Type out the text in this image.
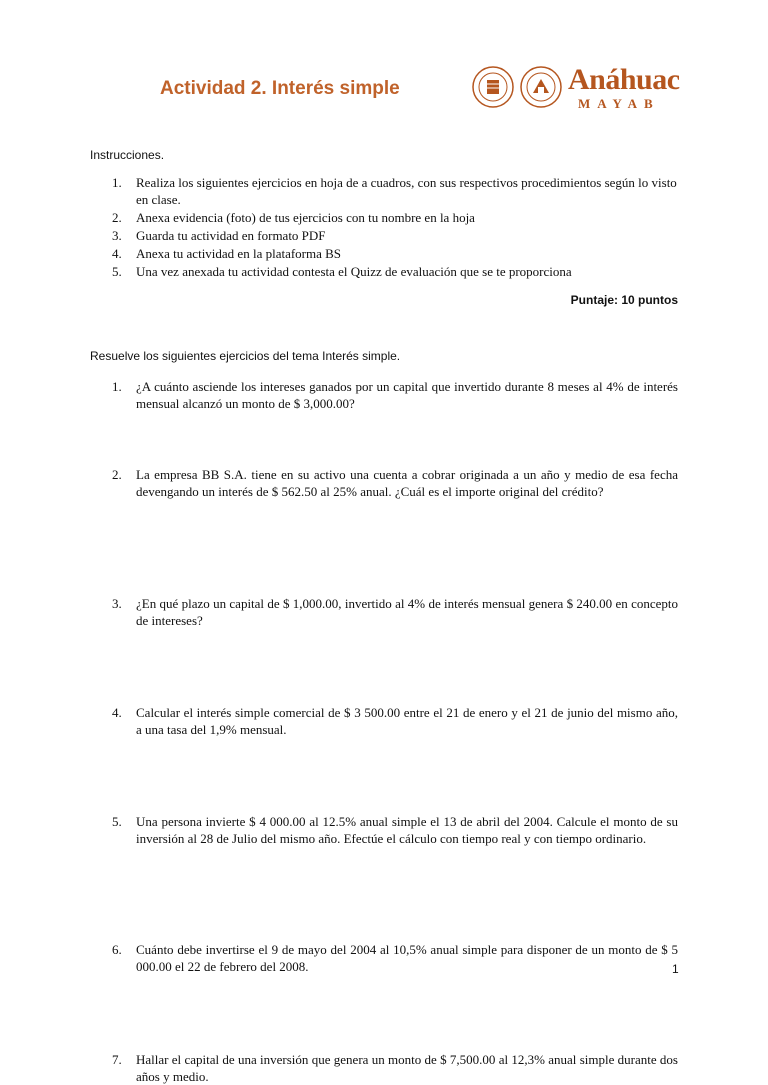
Actividad 2. Interés simple	Anáhuac
MAYAB

Instrucciones.

1. Realiza los siguientes ejercicios en hoja de a cuadros, con sus respectivos procedimientos según lo visto en clase.
2. Anexa evidencia (foto) de tus ejercicios con tu nombre en la hoja
3. Guarda tu actividad en formato PDF
4. Anexa tu actividad en la plataforma BS
5. Una vez anexada tu actividad contesta el Quizz de evaluación que se te proporciona

Puntaje: 10 puntos

Resuelve los siguientes ejercicios del tema Interés simple.

1. ¿A cuánto asciende los intereses ganados por un capital que invertido durante 8 meses al 4% de interés mensual alcanzó un monto de $ 3,000.00?
2. La empresa BB S.A. tiene en su activo una cuenta a cobrar originada a un año y medio de esa fecha devengando un interés de $ 562.50 al 25% anual. ¿Cuál es el importe original del crédito?
3. ¿En qué plazo un capital de $ 1,000.00, invertido al 4% de interés mensual genera $ 240.00 en concepto de intereses?
4. Calcular el interés simple comercial de $ 3 500.00 entre el 21 de enero y el 21 de junio del mismo año, a una tasa del 1,9% mensual.
5. Una persona invierte $ 4 000.00 al 12.5% anual simple el 13 de abril del 2004. Calcule el monto de su inversión al 28 de Julio del mismo año. Efectúe el cálculo con tiempo real y con tiempo ordinario.
6. Cuánto debe invertirse el 9 de mayo del 2004 al 10,5% anual simple para disponer de un monto de $ 5 000.00 el 22 de febrero del 2008.
7. Hallar el capital de una inversión que genera un monto de $ 7,500.00 al 12,3% anual simple durante dos años y medio.
1
